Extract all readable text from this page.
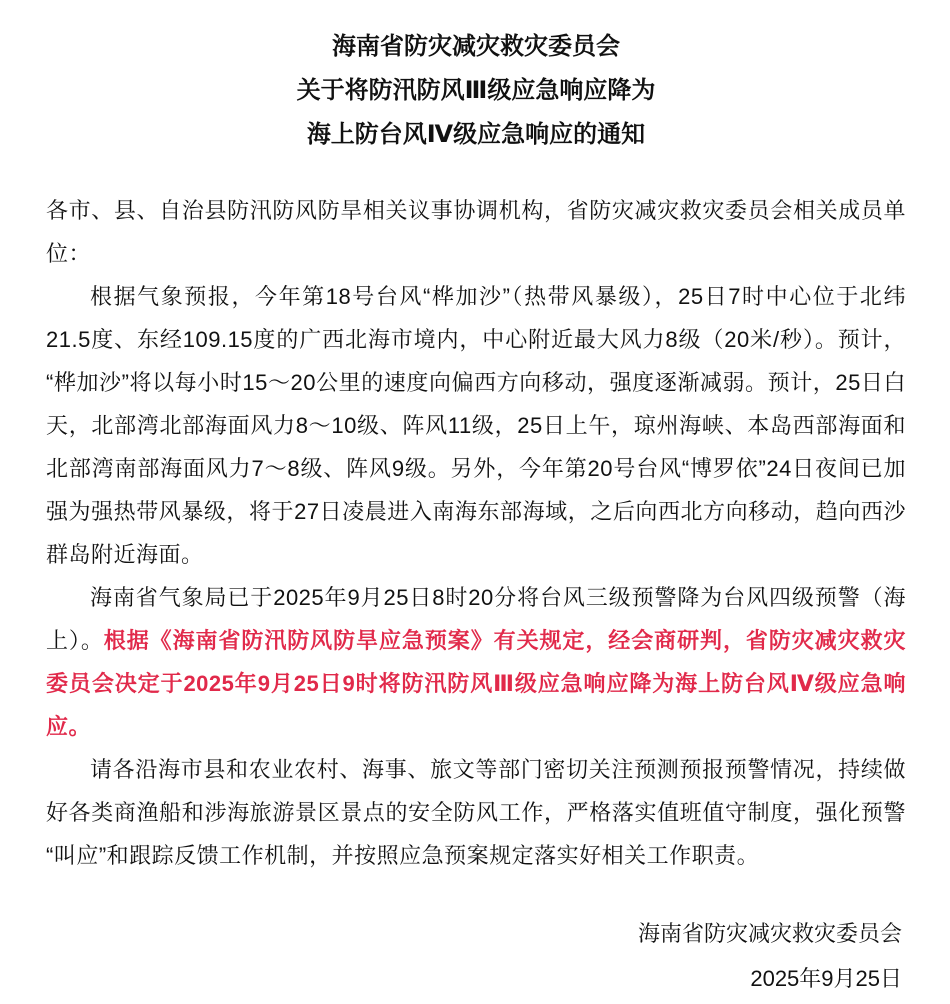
海南省防灾减灾救灾委员会
关于将防汛防风Ⅲ级应急响应降为
海上防台风Ⅳ级应急响应的通知

各市、县、自治县防汛防风防旱相关议事协调机构，省防灾减灾救灾委员会相关成员单位：

根据气象预报，今年第18号台风“桦加沙”（热带风暴级），25日7时中心位于北纬21.5度、东经109.15度的广西北海市境内，中心附近最大风力8级（20米/秒）。预计，“桦加沙”将以每小时15～20公里的速度向偏西方向移动，强度逐渐减弱。预计，25日白天，北部湾北部海面风力8～10级、阵风11级，25日上午，琼州海峡、本岛西部海面和北部湾南部海面风力7～8级、阵风9级。另外，今年第20号台风“博罗依”24日夜间已加强为强热带风暴级，将于27日凌晨进入南海东部海域，之后向西北方向移动，趋向西沙群岛附近海面。

海南省气象局已于2025年9月25日8时20分将台风三级预警降为台风四级预警（海上）。根据《海南省防汛防风防旱应急预案》有关规定，经会商研判，省防灾减灾救灾委员会决定于2025年9月25日9时将防汛防风Ⅲ级应急响应降为海上防台风Ⅳ级应急响应。

请各沿海市县和农业农村、海事、旅文等部门密切关注预测预报预警情况，持续做好各类商渔船和涉海旅游景区景点的安全防风工作，严格落实值班值守制度，强化预警“叫应”和跟踪反馈工作机制，并按照应急预案规定落实好相关工作职责。

海南省防灾减灾救灾委员会
2025年9月25日
